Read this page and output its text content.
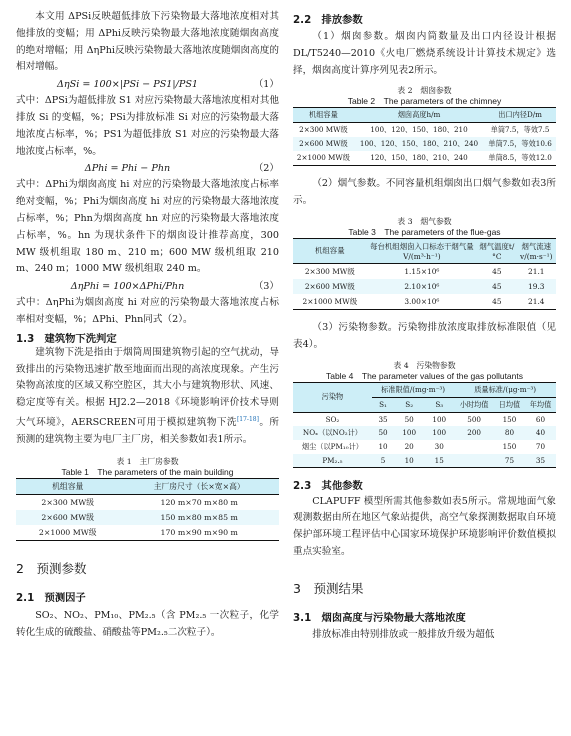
本文用 ΔPSi反映超低排放下污染物最大落地浓度相对其他排放的变幅；用 ΔPhi反映污染物最大落地浓度随烟囱高度的绝对增幅；用 ΔηPhi反映污染物最大落地浓度随烟囱高度的相对增幅。

ΔηSi = 100×|PSi − PS1|/PS1	（1）

式中：ΔPSi为超低排放 S1 对应污染物最大落地浓度相对其他排放 Si 的变幅，%；PSi为排放标准 Si 对应的污染物最大落地浓度占标率，%；PS1为超低排放 S1 对应的污染物最大落地浓度占标率，%。

ΔPhi = Phi − Phn	（2）

式中：ΔPhi为烟囱高度 hi 对应的污染物最大落地浓度占标率绝对变幅，%；Phi为烟囱高度 hi 对应的污染物最大落地浓度占标率，%；Phn为烟囱高度 hn 对应的污染物最大落地浓度占标率，%。hn 为现状条件下的烟囱设计推荐高度，300 MW 级机组取 180 m、210 m；600 MW 级机组取 210 m、240 m；1000 MW 级机组取 240 m。

ΔηPhi = 100×ΔPhi/Phn	（3）

式中：ΔηPhi为烟囱高度 hi 对应的污染物最大落地浓度占标率相对变幅，%；ΔPhi、Phn同式（2）。

1.3　建筑物下洗判定

建筑物下洗是指由于烟筒周围建筑物引起的空气扰动，导致排出的污染物迅速扩散至地面而出现的高浓度现象。产生污染物高浓度的区域又称空腔区，其大小与建筑物形状、风速、稳定度等有关。根据 HJ2.2—2018《环境影响评价技术导则 大气环境》，AERSCREEN可用于模拟建筑物下洗[17-18]。所预测的建筑物主要为电厂主厂房，相关参数如表1所示。

表 1　主厂房参数

Table 1　The parameters of the main building

机组容量	主厂房尺寸（长×宽×高）
2×300 MW级	120 m×70 m×80 m
2×600 MW级	150 m×80 m×85 m
2×1000 MW级	170 m×90 m×90 m

2　预测参数

2.1　预测因子

SO₂、NO₂、PM₁₀、PM₂.₅（含 PM₂.₅ 一次粒子，化学转化生成的硫酸盐、硝酸盐等PM₂.₅二次粒子）。

2.2　排放参数

（1）烟囱参数。烟囱内筒数量及出口内径设计根据 DL/T5240—2010《火电厂燃烧系统设计计算技术规定》选择，烟囱高度计算序列见表2所示。

表 2　烟囱参数

Table 2　The parameters of the chimney

机组容量	烟囱高度h/m	出口内径D/m
2×300 MW级	100、120、150、180、210	单筒7.5，等效7.5
2×600 MW级	100、120、150、180、210、240	单筒7.5，等效10.6
2×1000 MW级	120、150、180、210、240	单筒8.5，等效12.0

（2）烟气参数。不同容量机组烟囱出口烟气参数如表3所示。

表 3　烟气参数

Table 3　The parameters of the flue-gas

机组容量	每台机组烟囱入口标态干烟气量V/(m³·h⁻¹)	烟气温度t/°C	烟气流速v/(m·s⁻¹)
2×300 MW级	1.15×10⁶	45	21.1
2×600 MW级	2.10×10⁶	45	19.3
2×1000 MW级	3.00×10⁶	45	21.4

（3）污染物参数。污染物排放浓度取排放标准限值（见表4）。

表 4　污染物参数

Table 4　The parameter values of the gas pollutants

污染物	标准限值/(mg·m⁻³)			质量标准/(μg·m⁻³)		
	S₁	S₂	S₃	小时均值	日均值	年均值
SO₂	35	50	100	500	150	60
NOₓ（以NO₂计）	50	100	100	200	80	40
烟尘（以PM₁₀计）	10	20	30		150	70
PM₂.₅	5	10	15		75	35

2.3　其他参数

CLAPUFF 模型所需其他参数如表5所示。常规地面气象观测数据由所在地区气象站提供，高空气象探测数据取自环境保护部环境工程评估中心国家环境保护环境影响评价数值模拟重点实验室。

3　预测结果

3.1　烟囱高度与污染物最大落地浓度

排放标准由特别排放或一般排放升级为超低
